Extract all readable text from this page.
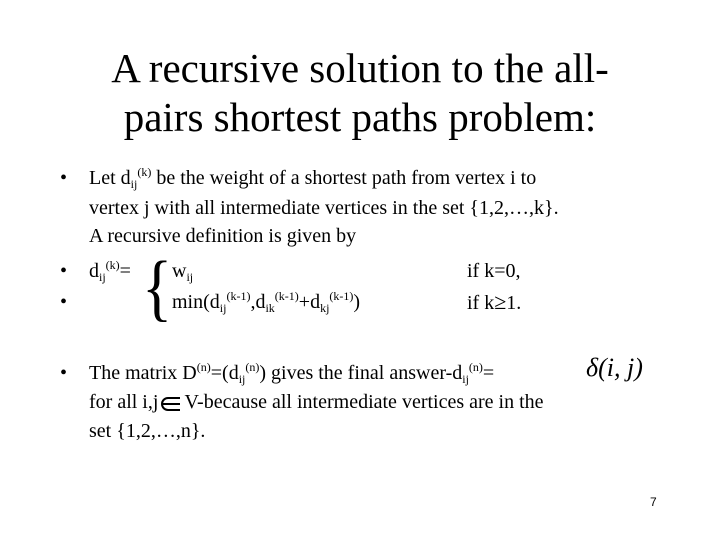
A recursive solution to the all-
pairs shortest paths problem:
• Let $d_{ij}^{(k)}$ be the weight of a shortest path from vertex i to
vertex j with all intermediate vertices in the set {1,2,…,k}.
A recursive definition is given by
• $d_{ij}^{(k)}= w_{ij}$	if k=0,
{
•	$\min(d_{ij}^{(k-1)},d_{ik}^{(k-1)}+d_{kj}^{(k-1)})$	if k≥1.
• The matrix $D^{(n)}=(d_{ij}^{(n)})$ gives the final answer-$d_{ij}^{(n)}=$	δ(i, j)
for all i,j V-because all intermediate vertices are in the
set {1,2,…,n}.
7
